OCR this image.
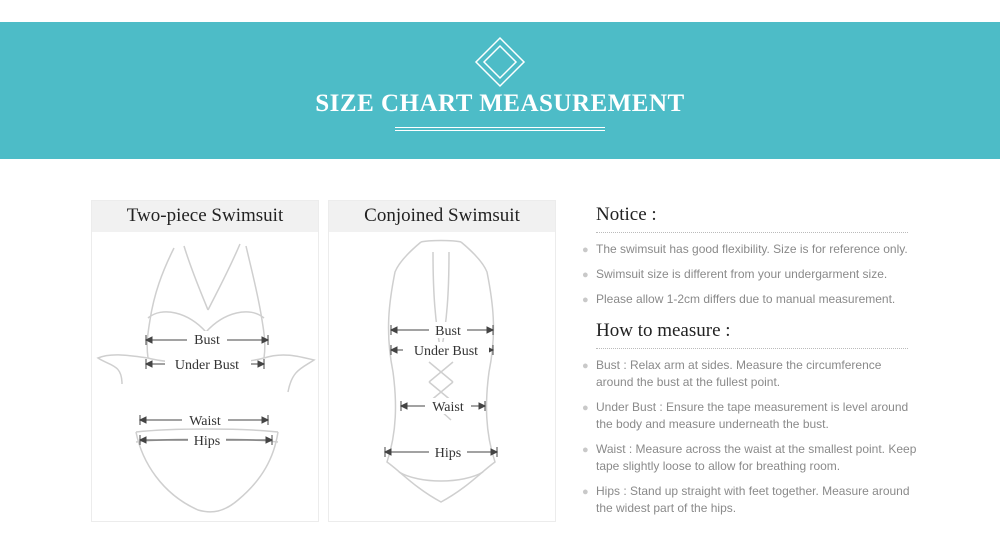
SIZE CHART MEASUREMENT
Two-piece Swimsuit
Bust
Under Bust
Waist
Hips
Conjoined Swimsuit
Bust
Under Bust
Waist
Hips
Notice :
● The swimsuit has good flexibility. Size is for reference only.
● Swimsuit size is different from your undergarment size.
● Please allow 1-2cm differs due to manual measurement.
How to measure :
● Bust : Relax arm at sides. Measure the circumference around the bust at the fullest point.
● Under Bust : Ensure the tape measurement is level around the body and measure underneath the bust.
● Waist : Measure across the waist at the smallest point. Keep tape slightly loose to allow for breathing room.
● Hips : Stand up straight with feet together. Measure around the widest part of the hips.
